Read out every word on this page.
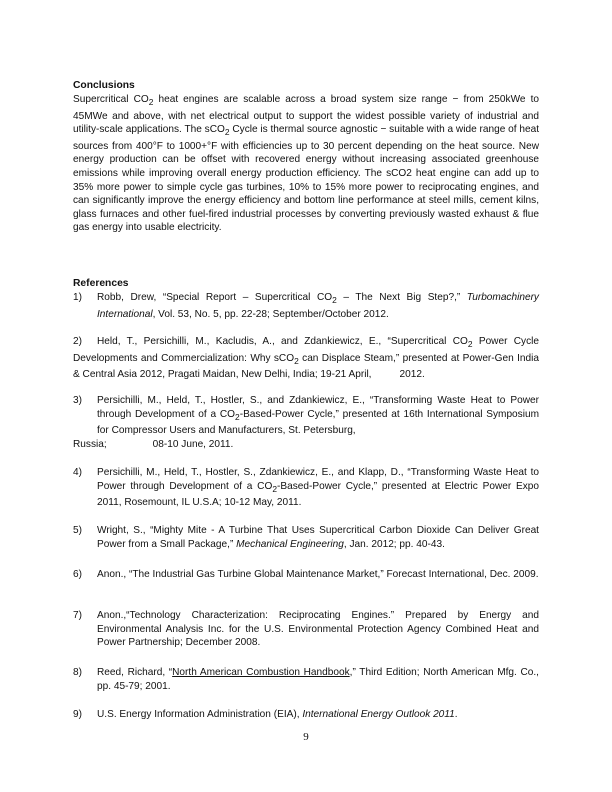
Conclusions
Supercritical $CO_2$ heat engines are scalable across a broad system size range − from 250kWe to 45MWe and above, with net electrical output to support the widest possible variety of industrial and utility-scale applications. The sCO$_2$ Cycle is thermal source agnostic − suitable with a wide range of heat sources from 400°F to 1000+°F with efficiencies up to 30 percent depending on the heat source. New energy production can be offset with recovered energy without increasing associated greenhouse emissions while improving overall energy production efficiency. The sCO2 heat engine can add up to 35% more power to simple cycle gas turbines, 10% to 15% more power to reciprocating engines, and can significantly improve the energy efficiency and bottom line performance at steel mills, cement kilns, glass furnaces and other fuel-fired industrial processes by converting previously wasted exhaust & flue gas energy into usable electricity.
References
1) Robb, Drew, “Special Report – Supercritical $CO_2$ – The Next Big Step?,” Turbomachinery International, Vol. 53, No. 5, pp. 22-28; September/October 2012.
2)	Held, T., Persichilli, M., Kacludis, A., and Zdankiewicz, E., “Supercritical $CO_2$ Power Cycle Developments and Commercialization: Why sCO$_2$ can Displace Steam,” presented at Power-Gen India & Central Asia 2012, Pragati Maidan, New Delhi, India; 19-21 April,	2012.
3) Persichilli, M., Held, T., Hostler, S., and Zdankiewicz, E., “Transforming Waste Heat to Power through Development of a $CO_2-Based$-Power Cycle,” presented at 16th International Symposium for Compressor Users and Manufacturers, St. Petersburg,
Russia;	08-10 June, 2011.
4) Persichilli, M., Held, T., Hostler, S., Zdankiewicz, E., and Klapp, D., “Transforming Waste Heat to Power through Development of a $CO_2-Based$-Power Cycle,” presented at Electric Power Expo 2011, Rosemount, IL U.S.A; 10-12 May, 2011.
5) Wright, S., “Mighty Mite - A Turbine That Uses Supercritical Carbon Dioxide Can Deliver Great Power from a Small Package,” Mechanical Engineering, Jan. 2012; pp. 40-43.
6) Anon., “The Industrial Gas Turbine Global Maintenance Market,” Forecast International, Dec. 2009.
7) Anon.,“Technology Characterization: Reciprocating Engines.” Prepared by Energy and Environmental Analysis Inc. for the U.S. Environmental Protection Agency Combined Heat and Power Partnership; December 2008.
8) Reed, Richard, “North American Combustion Handbook,” Third Edition; North American Mfg. Co., pp. 45-79; 2001.
9) U.S. Energy Information Administration (EIA), International Energy Outlook 2011.
9
